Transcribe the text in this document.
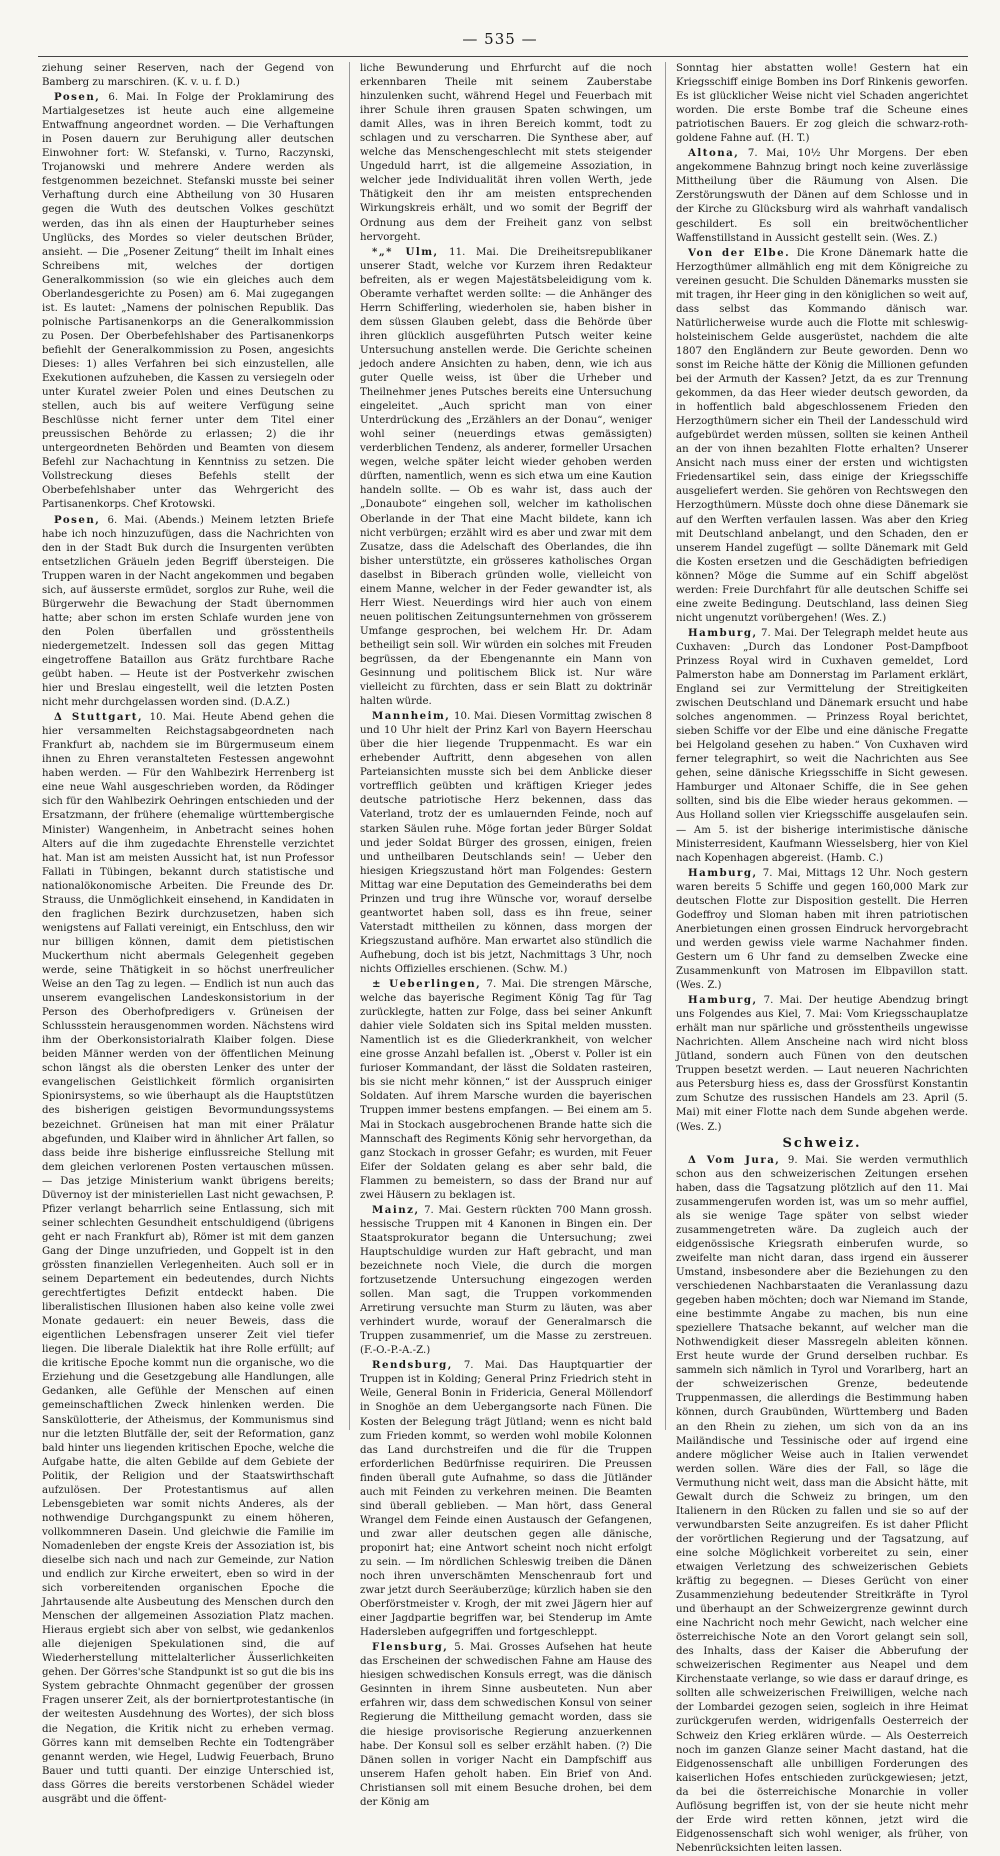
— 535 —

ziehung seiner Reserven, nach der Gegend von Bamberg zu marschiren. (K. v. u. f. D.)

Posen, 6. Mai. In Folge der Proklamirung des Martialgesetzes ist heute auch eine allgemeine Entwaffnung angeordnet worden. — Die Verhaftungen in Posen dauern zur Beruhigung aller deutschen Einwohner fort: W. Stefanski, v. Turno, Raczynski, Trojanowski und mehrere Andere werden als festgenommen bezeichnet. Stefanski musste bei seiner Verhaftung durch eine Abtheilung von 30 Husaren gegen die Wuth des deutschen Volkes geschützt werden, das ihn als einen der Haupturheber seines Unglücks, des Mordes so vieler deutschen Brüder, ansieht. — Die „Posener Zeitung“ theilt im Inhalt eines Schreibens mit, welches der dortigen Generalkommission (so wie ein gleiches auch dem Oberlandesgerichte zu Posen) am 6. Mai zugegangen ist. Es lautet: „Namens der polnischen Republik. Das polnische Partisanenkorps an die Generalkommission zu Posen. Der Oberbefehlshaber des Partisanenkorps befiehlt der Generalkommission zu Posen, angesichts Dieses: 1) alles Verfahren bei sich einzustellen, alle Exekutionen aufzuheben, die Kassen zu versiegeln oder unter Kuratel zweier Polen und eines Deutschen zu stellen, auch bis auf weitere Verfügung seine Beschlüsse nicht ferner unter dem Titel einer preussischen Behörde zu erlassen; 2) die ihr untergeordneten Behörden und Beamten von diesem Befehl zur Nachachtung in Kenntniss zu setzen. Die Vollstreckung dieses Befehls stellt der Oberbefehlshaber unter das Wehrgericht des Partisanenkorps. Chef Krotowski.

Posen, 6. Mai. (Abends.) Meinem letzten Briefe habe ich noch hinzuzufügen, dass die Nachrichten von den in der Stadt Buk durch die Insurgenten verübten entsetzlichen Gräueln jeden Begriff übersteigen. Die Truppen waren in der Nacht angekommen und begaben sich, auf äusserste ermüdet, sorglos zur Ruhe, weil die Bürgerwehr die Bewachung der Stadt übernommen hatte; aber schon im ersten Schlafe wurden jene von den Polen überfallen und grösstentheils niedergemetzelt. Indessen soll das gegen Mittag eingetroffene Bataillon aus Grätz furchtbare Rache geübt haben. — Heute ist der Postverkehr zwischen hier und Breslau eingestellt, weil die letzten Posten nicht mehr durchgelassen worden sind. (D.A.Z.)

Δ Stuttgart, 10. Mai. Heute Abend gehen die hier versammelten Reichstagsabgeordneten nach Frankfurt ab, nachdem sie im Bürgermuseum einem ihnen zu Ehren veranstalteten Festessen angewohnt haben werden. — Für den Wahlbezirk Herrenberg ist eine neue Wahl ausgeschrieben worden, da Rödinger sich für den Wahlbezirk Oehringen entschieden und der Ersatzmann, der frühere (ehemalige württembergische Minister) Wangenheim, in Anbetracht seines hohen Alters auf die ihm zugedachte Ehrenstelle verzichtet hat. Man ist am meisten Aussicht hat, ist nun Professor Fallati in Tübingen, bekannt durch statistische und nationalökonomische Arbeiten. Die Freunde des Dr. Strauss, die Unmöglichkeit einsehend, in Kandidaten in den fraglichen Bezirk durchzusetzen, haben sich wenigstens auf Fallati vereinigt, ein Entschluss, den wir nur billigen können, damit dem pietistischen Muckerthum nicht abermals Gelegenheit gegeben werde, seine Thätigkeit in so höchst unerfreulicher Weise an den Tag zu legen. — Endlich ist nun auch das unserem evangelischen Landeskonsistorium in der Person des Oberhofpredigers v. Grüneisen der Schlussstein herausgenommen worden. Nächstens wird ihm der Oberkonsistorialrath Klaiber folgen. Diese beiden Männer werden von der öffentlichen Meinung schon längst als die obersten Lenker des unter der evangelischen Geistlichkeit förmlich organisirten Spionirsystems, so wie überhaupt als die Hauptstützen des bisherigen geistigen Bevormundungssystems bezeichnet. Grüneisen hat man mit einer Prälatur abgefunden, und Klaiber wird in ähnlicher Art fallen, so dass beide ihre bisherige einflussreiche Stellung mit dem gleichen verlorenen Posten vertauschen müssen. — Das jetzige Ministerium wankt übrigens bereits; Düvernoy ist der ministeriellen Last nicht gewachsen, P. Pfizer verlangt beharrlich seine Entlassung, sich mit seiner schlechten Gesundheit entschuldigend (übrigens geht er nach Frankfurt ab), Römer ist mit dem ganzen Gang der Dinge unzufrieden, und Goppelt ist in den grössten finanziellen Verlegenheiten. Auch soll er in seinem Departement ein bedeutendes, durch Nichts gerechtfertigtes Defizit entdeckt haben. Die liberalistischen Illusionen haben also keine volle zwei Monate gedauert: ein neuer Beweis, dass die eigentlichen Lebensfragen unserer Zeit viel tiefer liegen. Die liberale Dialektik hat ihre Rolle erfüllt; auf die kritische Epoche kommt nun die organische, wo die Erziehung und die Gesetzgebung alle Handlungen, alle Gedanken, alle Gefühle der Menschen auf einen gemeinschaftlichen Zweck hinlenken werden. Die Sanskülotterie, der Atheismus, der Kommunismus sind nur die letzten Blutfälle der, seit der Reformation, ganz bald hinter uns liegenden kritischen Epoche, welche die Aufgabe hatte, die alten Gebilde auf dem Gebiete der Politik, der Religion und der Staatswirthschaft aufzulösen. Der Protestantismus auf allen Lebensgebieten war somit nichts Anderes, als der nothwendige Durchgangspunkt zu einem höheren, vollkommneren Dasein. Und gleichwie die Familie im Nomadenleben der engste Kreis der Assoziation ist, bis dieselbe sich nach und nach zur Gemeinde, zur Nation und endlich zur Kirche erweitert, eben so wird in der sich vorbereitenden organischen Epoche die Jahrtausende alte Ausbeutung des Menschen durch den Menschen der allgemeinen Assoziation Platz machen. Hieraus ergiebt sich aber von selbst, wie gedankenlos alle diejenigen Spekulationen sind, die auf Wiederherstellung mittelalterlicher Äusserlichkeiten gehen. Der Görres'sche Standpunkt ist so gut die bis ins System gebrachte Ohnmacht gegenüber der grossen Fragen unserer Zeit, als der borniertprotestantische (in der weitesten Ausdehnung des Wortes), der sich bloss die Negation, die Kritik nicht zu erheben vermag. Görres kann mit demselben Rechte ein Todtengräber genannt werden, wie Hegel, Ludwig Feuerbach, Bruno Bauer und tutti quanti. Der einzige Unterschied ist, dass Görres die bereits verstorbenen Schädel wieder ausgräbt und die öffent-

liche Bewunderung und Ehrfurcht auf die noch erkennbaren Theile mit seinem Zauberstabe hinzulenken sucht, während Hegel und Feuerbach mit ihrer Schule ihren grausen Spaten schwingen, um damit Alles, was in ihren Bereich kommt, todt zu schlagen und zu verscharren. Die Synthese aber, auf welche das Menschengeschlecht mit stets steigender Ungeduld harrt, ist die allgemeine Assoziation, in welcher jede Individualität ihren vollen Werth, jede Thätigkeit den ihr am meisten entsprechenden Wirkungskreis erhält, und wo somit der Begriff der Ordnung aus dem der Freiheit ganz von selbst hervorgeht.

*„* Ulm, 11. Mai. Die Dreiheitsrepublikaner unserer Stadt, welche vor Kurzem ihren Redakteur befreiten, als er wegen Majestätsbeleidigung vom k. Oberamte verhaftet werden sollte: — die Anhänger des Herrn Schifferling, wiederholen sie, haben bisher in dem süssen Glauben gelebt, dass die Behörde über ihren glücklich ausgeführten Putsch weiter keine Untersuchung anstellen werde. Die Gerichte scheinen jedoch andere Ansichten zu haben, denn, wie ich aus guter Quelle weiss, ist über die Urheber und Theilnehmer jenes Putsches bereits eine Untersuchung eingeleitet. „Auch spricht man von einer Unterdrückung des „Erzählers an der Donau“, weniger wohl seiner (neuerdings etwas gemässigten) verderblichen Tendenz, als anderer, formeller Ursachen wegen, welche später leicht wieder gehoben werden dürften, namentlich, wenn es sich etwa um eine Kaution handeln sollte. — Ob es wahr ist, dass auch der „Donaubote“ eingehen soll, welcher im katholischen Oberlande in der That eine Macht bildete, kann ich nicht verbürgen; erzählt wird es aber und zwar mit dem Zusatze, dass die Adelschaft des Oberlandes, die ihn bisher unterstützte, ein grösseres katholisches Organ daselbst in Biberach gründen wolle, vielleicht von einem Manne, welcher in der Feder gewandter ist, als Herr Wiest. Neuerdings wird hier auch von einem neuen politischen Zeitungsunternehmen von grösserem Umfange gesprochen, bei welchem Hr. Dr. Adam betheiligt sein soll. Wir würden ein solches mit Freuden begrüssen, da der Ebengenannte ein Mann von Gesinnung und politischem Blick ist. Nur wäre vielleicht zu fürchten, dass er sein Blatt zu doktrinär halten würde.

Mannheim, 10. Mai. Diesen Vormittag zwischen 8 und 10 Uhr hielt der Prinz Karl von Bayern Heerschau über die hier liegende Truppenmacht. Es war ein erhebender Auftritt, denn abgesehen von allen Parteiansichten musste sich bei dem Anblicke dieser vortrefflich geübten und kräftigen Krieger jedes deutsche patriotische Herz bekennen, dass das Vaterland, trotz der es umlauernden Feinde, noch auf starken Säulen ruhe. Möge fortan jeder Bürger Soldat und jeder Soldat Bürger des grossen, einigen, freien und untheilbaren Deutschlands sein! — Ueber den hiesigen Kriegszustand hört man Folgendes: Gestern Mittag war eine Deputation des Gemeinderaths bei dem Prinzen und trug ihre Wünsche vor, worauf derselbe geantwortet haben soll, dass es ihn freue, seiner Vaterstadt mittheilen zu können, dass morgen der Kriegszustand aufhöre. Man erwartet also stündlich die Aufhebung, doch ist bis jetzt, Nachmittags 3 Uhr, noch nichts Offizielles erschienen. (Schw. M.)

± Ueberlingen, 7. Mai. Die strengen Märsche, welche das bayerische Regiment König Tag für Tag zurücklegte, hatten zur Folge, dass bei seiner Ankunft dahier viele Soldaten sich ins Spital melden mussten. Namentlich ist es die Gliederkrankheit, von welcher eine grosse Anzahl befallen ist. „Oberst v. Poller ist ein furioser Kommandant, der lässt die Soldaten rasteiren, bis sie nicht mehr können,“ ist der Ausspruch einiger Soldaten. Auf ihrem Marsche wurden die bayerischen Truppen immer bestens empfangen. — Bei einem am 5. Mai in Stockach ausgebrochenen Brande hatte sich die Mannschaft des Regiments König sehr hervorgethan, da ganz Stockach in grosser Gefahr; es wurden, mit Feuer Eifer der Soldaten gelang es aber sehr bald, die Flammen zu bemeistern, so dass der Brand nur auf zwei Häusern zu beklagen ist.

Mainz, 7. Mai. Gestern rückten 700 Mann grossh. hessische Truppen mit 4 Kanonen in Bingen ein. Der Staatsprokurator begann die Untersuchung; zwei Hauptschuldige wurden zur Haft gebracht, und man bezeichnete noch Viele, die durch die morgen fortzusetzende Untersuchung eingezogen werden sollen. Man sagt, die Truppen vorkommenden Arretirung versuchte man Sturm zu läuten, was aber verhindert wurde, worauf der Generalmarsch die Truppen zusammenrief, um die Masse zu zerstreuen. (F.-O.-P.-A.-Z.)

Rendsburg, 7. Mai. Das Hauptquartier der Truppen ist in Kolding; General Prinz Friedrich steht in Weile, General Bonin in Fridericia, General Möllendorf in Snoghöe an dem Uebergangsorte nach Fünen. Die Kosten der Belegung trägt Jütland; wenn es nicht bald zum Frieden kommt, so werden wohl mobile Kolonnen das Land durchstreifen und die für die Truppen erforderlichen Bedürfnisse requiriren. Die Preussen finden überall gute Aufnahme, so dass die Jütländer auch mit Feinden zu verkehren meinen. Die Beamten sind überall geblieben. — Man hört, dass General Wrangel dem Feinde einen Austausch der Gefangenen, und zwar aller deutschen gegen alle dänische, proponirt hat; eine Antwort scheint noch nicht erfolgt zu sein. — Im nördlichen Schleswig treiben die Dänen noch ihren unverschämten Menschenraub fort und zwar jetzt durch Seeräuberzüge; kürzlich haben sie den Oberförstmeister v. Krogh, der mit zwei Jägern hier auf einer Jagdpartie begriffen war, bei Stenderup im Amte Hadersleben aufgegriffen und fortgeschleppt.

Flensburg, 5. Mai. Grosses Aufsehen hat heute das Erscheinen der schwedischen Fahne am Hause des hiesigen schwedischen Konsuls erregt, was die dänisch Gesinnten in ihrem Sinne ausbeuteten. Nun aber erfahren wir, dass dem schwedischen Konsul von seiner Regierung die Mittheilung gemacht worden, dass sie die hiesige provisorische Regierung anzuerkennen habe. Der Konsul soll es selber erzählt haben. (?) Die Dänen sollen in voriger Nacht ein Dampfschiff aus unserem Hafen geholt haben. Ein Brief von And. Christiansen soll mit einem Besuche drohen, bei dem der König am

Sonntag hier abstatten wolle! Gestern hat ein Kriegsschiff einige Bomben ins Dorf Rinkenis geworfen. Es ist glücklicher Weise nicht viel Schaden angerichtet worden. Die erste Bombe traf die Scheune eines patriotischen Bauers. Er zog gleich die schwarz-roth-goldene Fahne auf. (H. T.)

Altona, 7. Mai, 10½ Uhr Morgens. Der eben angekommene Bahnzug bringt noch keine zuverlässige Mittheilung über die Räumung von Alsen. Die Zerstörungswuth der Dänen auf dem Schlosse und in der Kirche zu Glücksburg wird als wahrhaft vandalisch geschildert. Es soll ein breitwöchentlicher Waffenstillstand in Aussicht gestellt sein. (Wes. Z.)

Von der Elbe. Die Krone Dänemark hatte die Herzogthümer allmählich eng mit dem Königreiche zu vereinen gesucht. Die Schulden Dänemarks mussten sie mit tragen, ihr Heer ging in den königlichen so weit auf, dass selbst das Kommando dänisch war. Natürlicherweise wurde auch die Flotte mit schleswig-holsteinischem Gelde ausgerüstet, nachdem die alte 1807 den Engländern zur Beute geworden. Denn wo sonst im Reiche hätte der König die Millionen gefunden bei der Armuth der Kassen? Jetzt, da es zur Trennung gekommen, da das Heer wieder deutsch geworden, da in hoffentlich bald abgeschlossenem Frieden den Herzogthümern sicher ein Theil der Landesschuld wird aufgebürdet werden müssen, sollten sie keinen Antheil an der von ihnen bezahlten Flotte erhalten? Unserer Ansicht nach muss einer der ersten und wichtigsten Friedensartikel sein, dass einige der Kriegsschiffe ausgeliefert werden. Sie gehören von Rechtswegen den Herzogthümern. Müsste doch ohne diese Dänemark sie auf den Werften verfaulen lassen. Was aber den Krieg mit Deutschland anbelangt, und den Schaden, den er unserem Handel zugefügt — sollte Dänemark mit Geld die Kosten ersetzen und die Geschädigten befriedigen können? Möge die Summe auf ein Schiff abgelöst werden: Freie Durchfahrt für alle deutschen Schiffe sei eine zweite Bedingung. Deutschland, lass deinen Sieg nicht ungenutzt vorübergehen! (Wes. Z.)

Hamburg, 7. Mai. Der Telegraph meldet heute aus Cuxhaven: „Durch das Londoner Post-Dampfboot Prinzess Royal wird in Cuxhaven gemeldet, Lord Palmerston habe am Donnerstag im Parlament erklärt, England sei zur Vermittelung der Streitigkeiten zwischen Deutschland und Dänemark ersucht und habe solches angenommen. — Prinzess Royal berichtet, sieben Schiffe vor der Elbe und eine dänische Fregatte bei Helgoland gesehen zu haben.“ Von Cuxhaven wird ferner telegraphirt, so weit die Nachrichten aus See gehen, seine dänische Kriegsschiffe in Sicht gewesen. Hamburger und Altonaer Schiffe, die in See gehen sollten, sind bis die Elbe wieder heraus gekommen. — Aus Holland sollen vier Kriegsschiffe ausgelaufen sein. — Am 5. ist der bisherige interimistische dänische Ministerresident, Kaufmann Wiesselsberg, hier von Kiel nach Kopenhagen abgereist. (Hamb. C.)

Hamburg, 7. Mai, Mittags 12 Uhr. Noch gestern waren bereits 5 Schiffe und gegen 160,000 Mark zur deutschen Flotte zur Disposition gestellt. Die Herren Godeffroy und Sloman haben mit ihren patriotischen Anerbietungen einen grossen Eindruck hervorgebracht und werden gewiss viele warme Nachahmer finden. Gestern um 6 Uhr fand zu demselben Zwecke eine Zusammenkunft von Matrosen im Elbpavillon statt. (Wes. Z.)

Hamburg, 7. Mai. Der heutige Abendzug bringt uns Folgendes aus Kiel, 7. Mai: Vom Kriegsschauplatze erhält man nur spärliche und grösstentheils ungewisse Nachrichten. Allem Anscheine nach wird nicht bloss Jütland, sondern auch Fünen von den deutschen Truppen besetzt werden. — Laut neueren Nachrichten aus Petersburg hiess es, dass der Grossfürst Konstantin zum Schutze des russischen Handels am 23. April (5. Mai) mit einer Flotte nach dem Sunde abgehen werde. (Wes. Z.)

Schweiz.

Δ Vom Jura, 9. Mai. Sie werden vermuthlich schon aus den schweizerischen Zeitungen ersehen haben, dass die Tagsatzung plötzlich auf den 11. Mai zusammengerufen worden ist, was um so mehr auffiel, als sie wenige Tage später von selbst wieder zusammengetreten wäre. Da zugleich auch der eidgenössische Kriegsrath einberufen wurde, so zweifelte man nicht daran, dass irgend ein äusserer Umstand, insbesondere aber die Beziehungen zu den verschiedenen Nachbarstaaten die Veranlassung dazu gegeben haben möchten; doch war Niemand im Stande, eine bestimmte Angabe zu machen, bis nun eine speziellere Thatsache bekannt, auf welcher man die Nothwendigkeit dieser Massregeln ableiten können. Erst heute wurde der Grund derselben ruchbar. Es sammeln sich nämlich in Tyrol und Vorarlberg, hart an der schweizerischen Grenze, bedeutende Truppenmassen, die allerdings die Bestimmung haben können, durch Graubünden, Württemberg und Baden an den Rhein zu ziehen, um sich von da an ins Mailändische und Tessinische oder auf irgend eine andere möglicher Weise auch in Italien verwendet werden sollen. Wäre dies der Fall, so läge die Vermuthung nicht weit, dass man die Absicht hätte, mit Gewalt durch die Schweiz zu bringen, um den Italienern in den Rücken zu fallen und sie so auf der verwundbarsten Seite anzugreifen. Es ist daher Pflicht der vorörtlichen Regierung und der Tagsatzung, auf eine solche Möglichkeit vorbereitet zu sein, einer etwaigen Verletzung des schweizerischen Gebiets kräftig zu begegnen. — Dieses Gerücht von einer Zusammenziehung bedeutender Streitkräfte in Tyrol und überhaupt an der Schweizergrenze gewinnt durch eine Nachricht noch mehr Gewicht, nach welcher eine österreichische Note an den Vorort gelangt sein soll, des Inhalts, dass der Kaiser die Abberufung der schweizerischen Regimenter aus Neapel und dem Kirchenstaate verlange, so wie dass er darauf dringe, es sollten alle schweizerischen Freiwilligen, welche nach der Lombardei gezogen seien, sogleich in ihre Heimat zurückgerufen werden, widrigenfalls Oesterreich der Schweiz den Krieg erklären würde. — Als Oesterreich noch im ganzen Glanze seiner Macht dastand, hat die Eidgenossenschaft alle unbilligen Forderungen des kaiserlichen Hofes entschieden zurückgewiesen; jetzt, da bei die österreichische Monarchie in voller Auflösung begriffen ist, von der sie heute nicht mehr der Erde wird retten können, jetzt wird die Eidgenossenschaft sich wohl weniger, als früher, von Nebenrücksichten leiten lassen.
